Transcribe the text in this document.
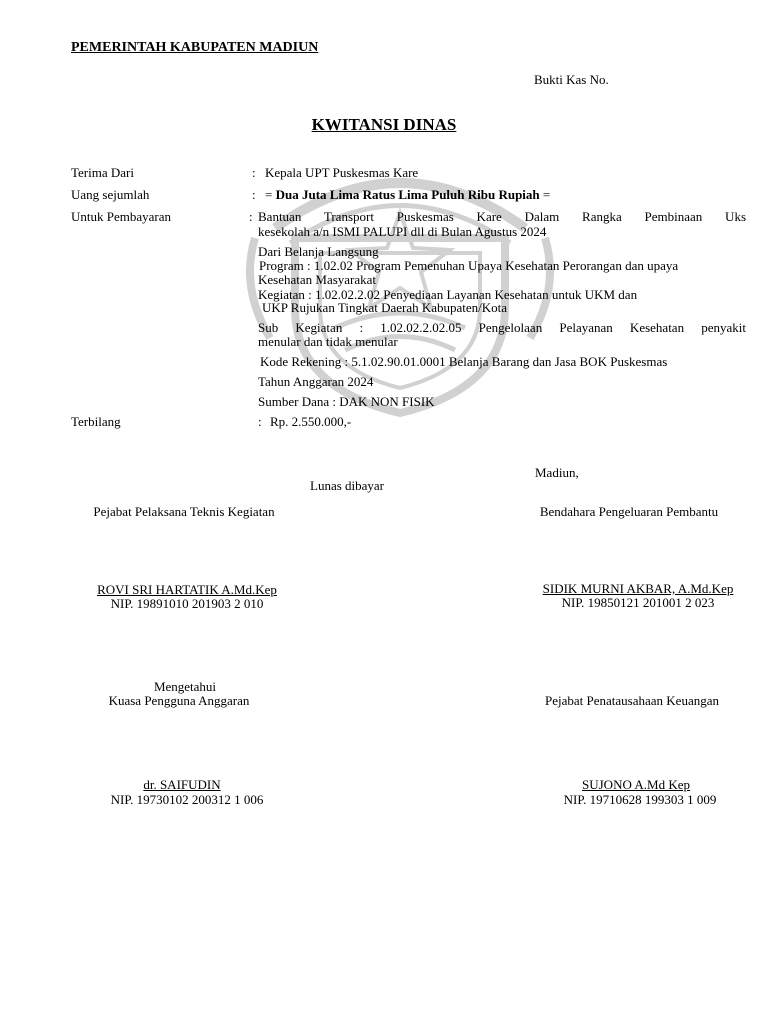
PEMERINTAH KABUPATEN MADIUN
Bukti Kas No.
KWITANSI DINAS
Terima Dari	: Kepala UPT Puskesmas Kare
Uang sejumlah	: = Dua Juta Lima Ratus Lima Puluh Ribu Rupiah =
Untuk Pembayaran	: Bantuan Transport Puskesmas Kare Dalam Rangka Pembinaan Uks
kesekolah a/n ISMI PALUPI dll di Bulan Agustus 2024
Dari Belanja Langsung
Program : 1.02.02 Program Pemenuhan Upaya Kesehatan Perorangan dan upaya
Kesehatan Masyarakat
Kegiatan : 1.02.02.2.02 Penyediaan Layanan Kesehatan untuk UKM dan
UKP Rujukan Tingkat Daerah Kabupaten/Kota
Sub Kegiatan : 1.02.02.2.02.05 Pengelolaan Pelayanan Kesehatan penyakit
menular dan tidak menular
Kode Rekening : 5.1.02.90.01.0001 Belanja Barang dan Jasa BOK Puskesmas
Tahun Anggaran 2024
Sumber Dana : DAK NON FISIK
Terbilang	: Rp. 2.550.000,-
Madiun,
Lunas dibayar
Pejabat Pelaksana Teknis Kegiatan
ROVI SRI HARTATIK A.Md.Kep
NIP. 19891010 201903 2 010
Bendahara Pengeluaran Pembantu
SIDIK MURNI AKBAR, A.Md.Kep
NIP. 19850121 201001 2 023
Mengetahui
Kuasa Pengguna Anggaran
dr. SAIFUDIN
NIP. 19730102 200312 1 006
Pejabat Penatausahaan Keuangan
SUJONO A.Md Kep
NIP. 19710628 199303 1 009
